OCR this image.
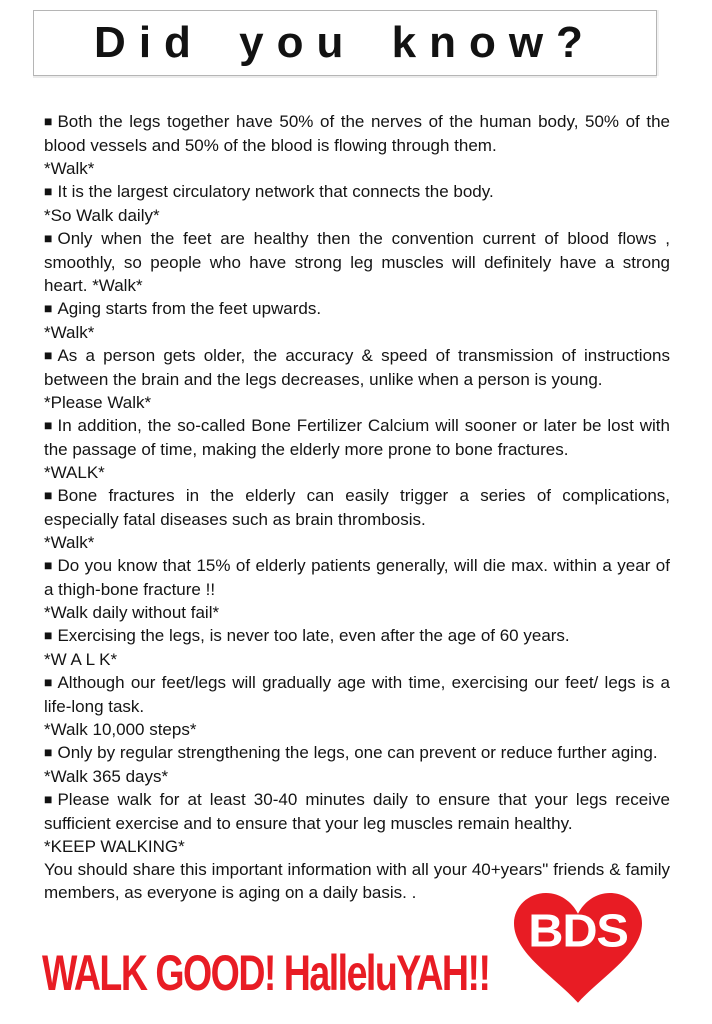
Did you know?

■ Both the legs together have 50% of the nerves of the human body, 50% of the blood vessels and 50% of the blood is flowing through them.

*Walk*

■ It is the largest circulatory network that connects the body.

*So Walk daily*

■ Only when the feet are healthy then the convention current of blood flows , smoothly, so people who have strong leg muscles will definitely have a strong heart. *Walk*

■ Aging starts from the feet upwards.

*Walk*

■ As a person gets older, the accuracy & speed of transmission of instructions between the brain and the legs decreases, unlike when a person is young.

*Please Walk*

■ In addition, the so-called Bone Fertilizer Calcium will sooner or later be lost with the passage of time, making the elderly more prone to bone fractures.

*WALK*

■ Bone fractures in the elderly can easily trigger a series of complications, especially fatal diseases such as brain thrombosis.

*Walk*

■ Do you know that 15% of elderly patients generally, will die max. within a year of a thigh-bone fracture !!

*Walk daily without fail*

■ Exercising the legs, is never too late, even after the age of 60 years.

*W A L K*

■ Although our feet/legs will gradually age with time, exercising our feet/ legs is a life-long task.

*Walk 10,000 steps*

■ Only by regular strengthening the legs, one can prevent or reduce further aging.

*Walk 365 days*

■ Please walk for at least 30-40 minutes daily to ensure that your legs receive sufficient exercise and to ensure that your leg muscles remain healthy.

*KEEP WALKING*

You should share this important information with all your 40+years" friends & family members, as everyone is aging on a daily basis. .

WALK GOOD! HalleluYAH!!
BDS
